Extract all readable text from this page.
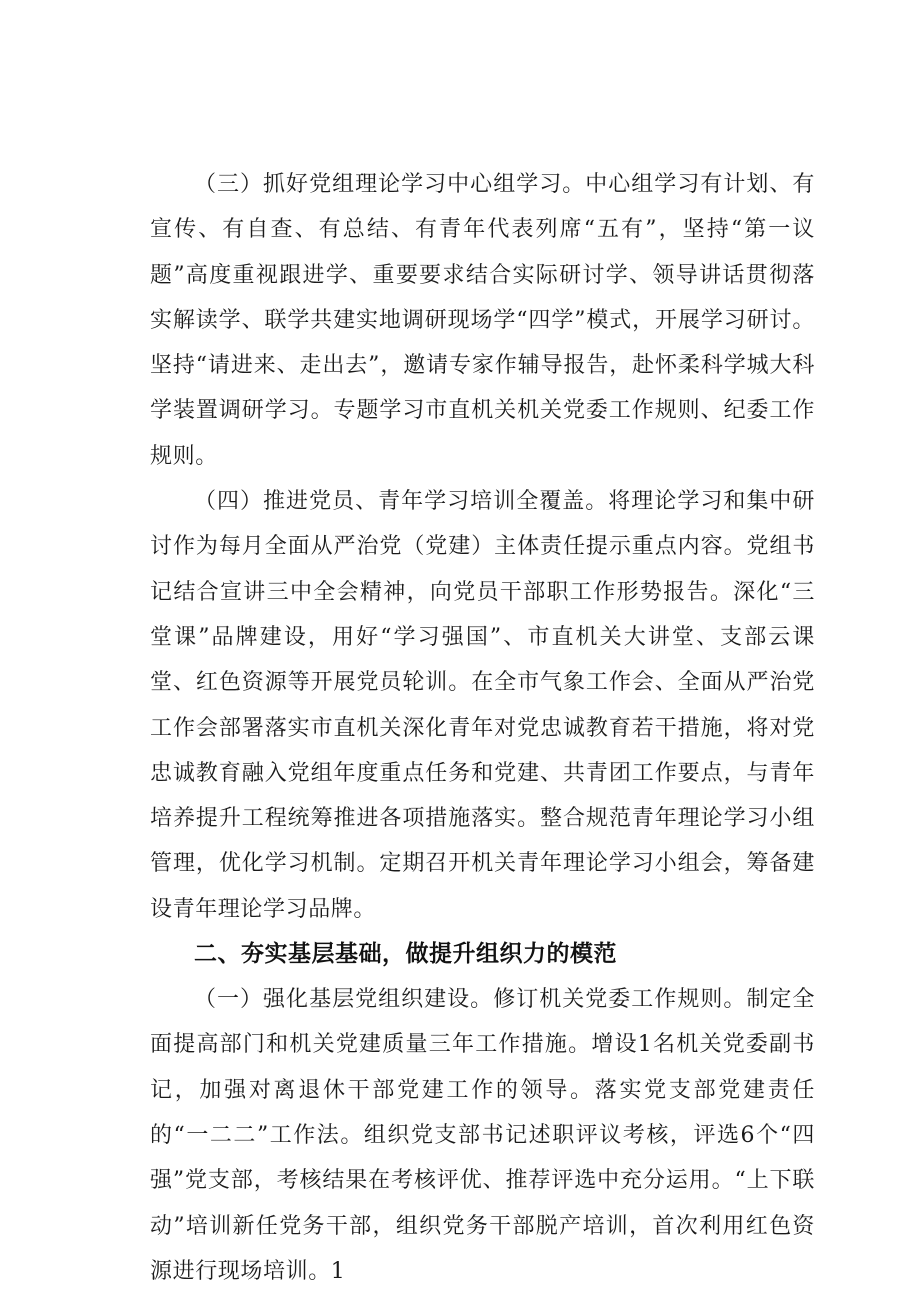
（三）抓好党组理论学习中心组学习。中心组学习有计划、有宣传、有自查、有总结、有青年代表列席“五有”，坚持“第一议题”高度重视跟进学、重要要求结合实际研讨学、领导讲话贯彻落实解读学、联学共建实地调研现场学“四学”模式，开展学习研讨。坚持“请进来、走出去”，邀请专家作辅导报告，赴怀柔科学城大科学装置调研学习。专题学习市直机关机关党委工作规则、纪委工作规则。

（四）推进党员、青年学习培训全覆盖。将理论学习和集中研讨作为每月全面从严治党（党建）主体责任提示重点内容。党组书记结合宣讲三中全会精神，向党员干部职工作形势报告。深化“三堂课”品牌建设，用好“学习强国”、市直机关大讲堂、支部云课堂、红色资源等开展党员轮训。在全市气象工作会、全面从严治党工作会部署落实市直机关深化青年对党忠诚教育若干措施，将对党忠诚教育融入党组年度重点任务和党建、共青团工作要点，与青年培养提升工程统筹推进各项措施落实。整合规范青年理论学习小组管理，优化学习机制。定期召开机关青年理论学习小组会，筹备建设青年理论学习品牌。

二、夯实基层基础，做提升组织力的模范

（一）强化基层党组织建设。修订机关党委工作规则。制定全面提高部门和机关党建质量三年工作措施。增设1名机关党委副书记，加强对离退休干部党建工作的领导。落实党支部党建责任的“一二二”工作法。组织党支部书记述职评议考核，评选6个“四强”党支部，考核结果在考核评优、推荐评选中充分运用。“上下联动”培训新任党务干部，组织党务干部脱产培训，首次利用红色资源进行现场培训。1
